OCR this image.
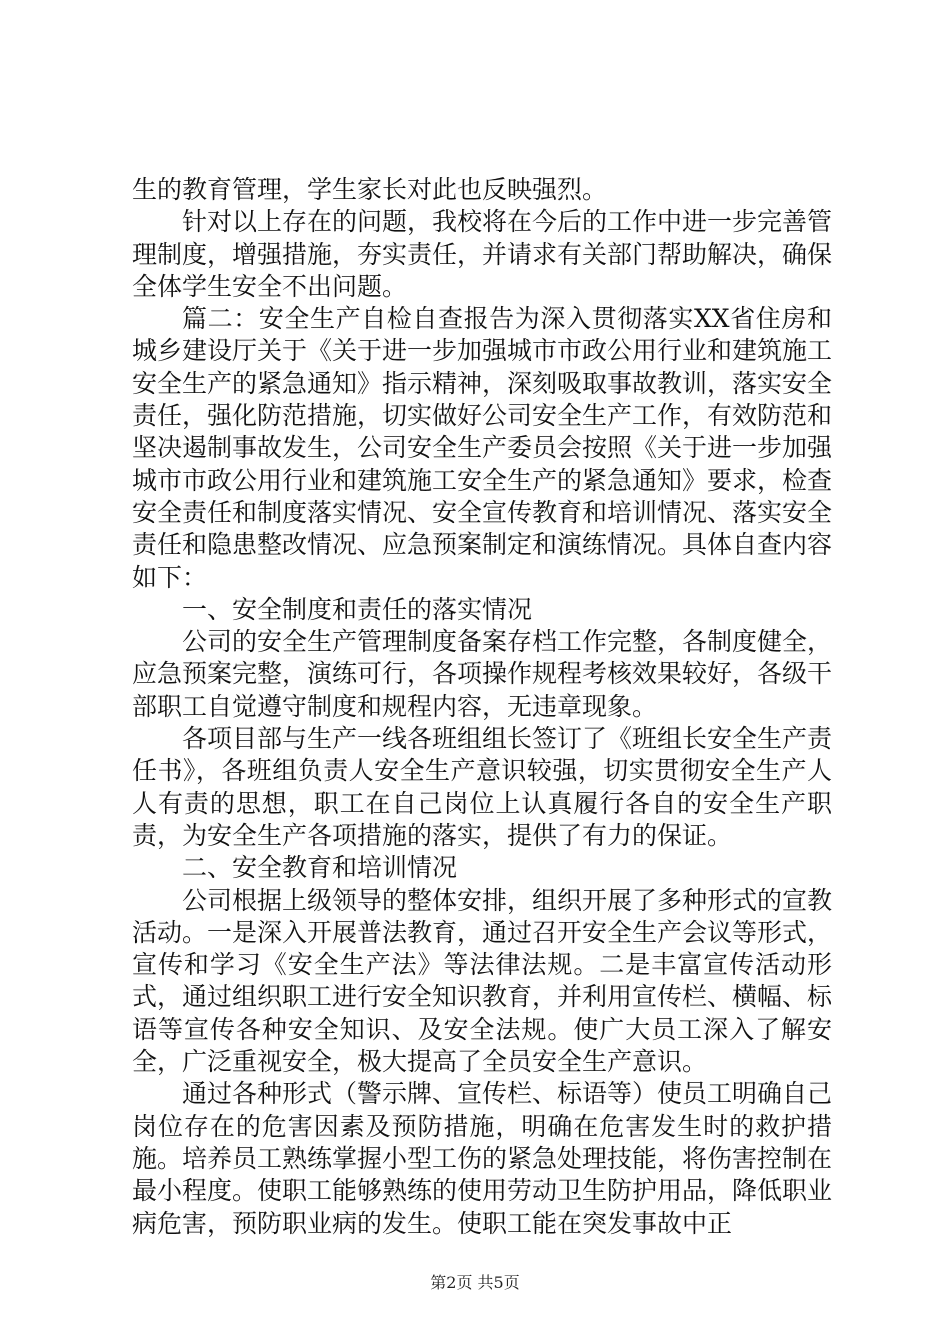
生的教育管理，学生家长对此也反映强烈。

针对以上存在的问题，我校将在今后的工作中进一步完善管理制度，增强措施，夯实责任，并请求有关部门帮助解决，确保全体学生安全不出问题。

篇二：安全生产自检自查报告为深入贯彻落实XX省住房和城乡建设厅关于《关于进一步加强城市市政公用行业和建筑施工安全生产的紧急通知》指示精神，深刻吸取事故教训，落实安全责任，强化防范措施，切实做好公司安全生产工作，有效防范和坚决遏制事故发生，公司安全生产委员会按照《关于进一步加强城市市政公用行业和建筑施工安全生产的紧急通知》要求，检查安全责任和制度落实情况、安全宣传教育和培训情况、落实安全责任和隐患整改情况、应急预案制定和演练情况。具体自查内容如下：

一、安全制度和责任的落实情况

公司的安全生产管理制度备案存档工作完整，各制度健全，应急预案完整，演练可行，各项操作规程考核效果较好，各级干部职工自觉遵守制度和规程内容，无违章现象。

各项目部与生产一线各班组组长签订了《班组长安全生产责任书》，各班组负责人安全生产意识较强，切实贯彻安全生产人人有责的思想，职工在自己岗位上认真履行各自的安全生产职责，为安全生产各项措施的落实，提供了有力的保证。

二、安全教育和培训情况

公司根据上级领导的整体安排，组织开展了多种形式的宣教活动。一是深入开展普法教育，通过召开安全生产会议等形式，宣传和学习《安全生产法》等法律法规。二是丰富宣传活动形式，通过组织职工进行安全知识教育，并利用宣传栏、横幅、标语等宣传各种安全知识、及安全法规。使广大员工深入了解安全，广泛重视安全，极大提高了全员安全生产意识。

通过各种形式（警示牌、宣传栏、标语等）使员工明确自己岗位存在的危害因素及预防措施，明确在危害发生时的救护措施。培养员工熟练掌握小型工伤的紧急处理技能，将伤害控制在最小程度。使职工能够熟练的使用劳动卫生防护用品，降低职业病危害，预防职业病的发生。使职工能在突发事故中正

第2页 共5页
